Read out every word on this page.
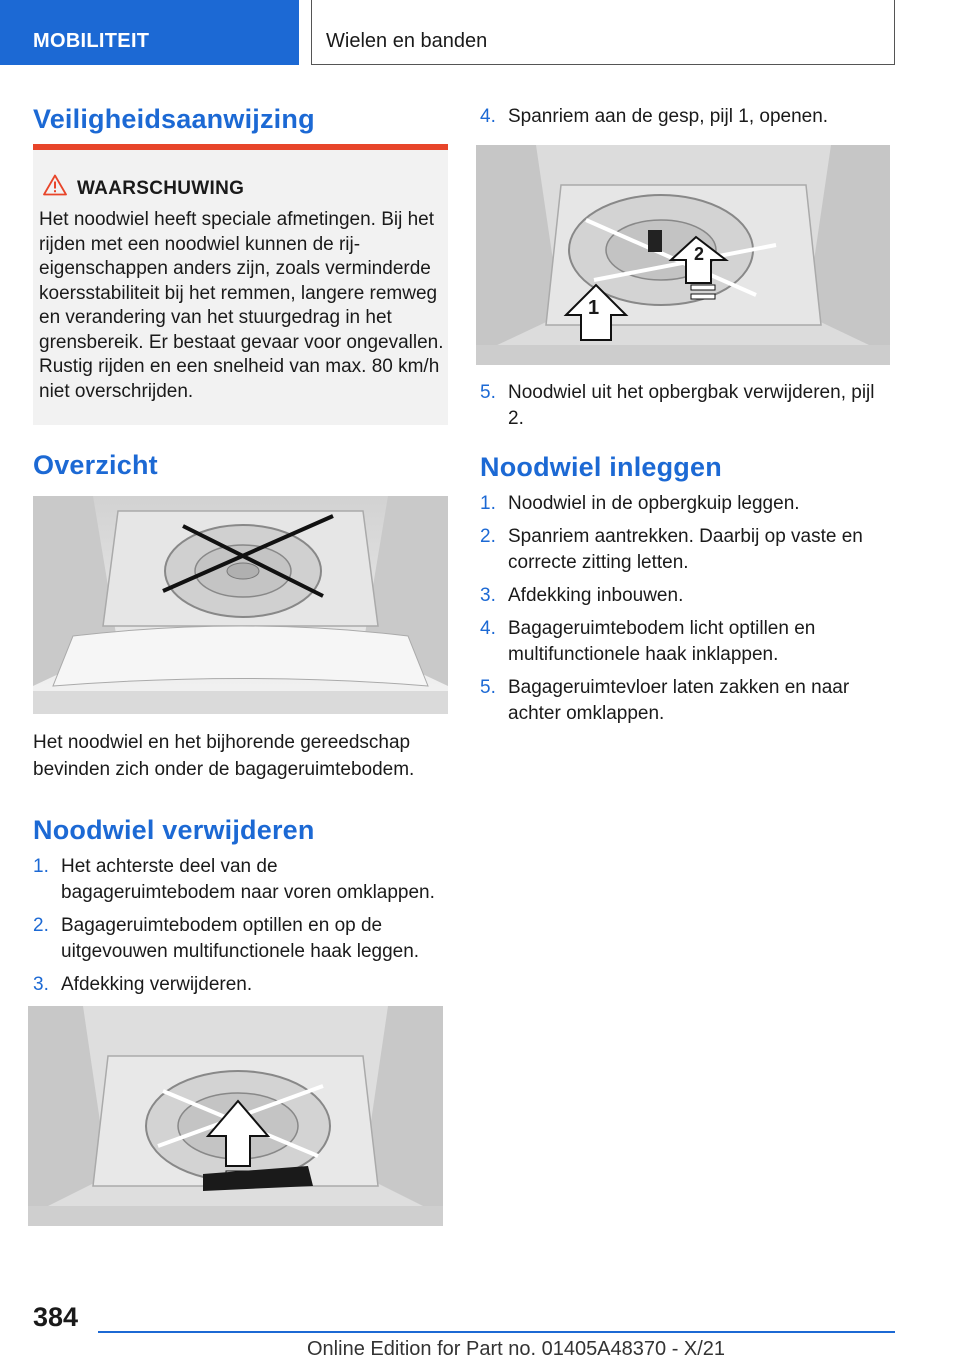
MOBILITEIT	Wielen en banden
Veiligheidsaanwijzing
WAARSCHUWING
Het noodwiel heeft speciale afmetingen. Bij het rijden met een noodwiel kunnen de rij-eigenschappen anders zijn, zoals verminderde koersstabiliteit bij het remmen, langere remweg en verandering van het stuurgedrag in het grensbereik. Er bestaat gevaar voor ongevallen. Rustig rijden en een snelheid van max. 80 km/h niet overschrijden.
Overzicht
Het noodwiel en het bijhorende gereedschap bevinden zich onder de bagageruimtebodem.
Noodwiel verwijderen
1. Het achterste deel van de bagageruimtebodem naar voren omklappen.
2. Bagageruimtebodem optillen en op de uitgevouwen multifunctionele haak leggen.
3. Afdekking verwijderen.
4. Spanriem aan de gesp, pijl 1, openen.
1
2
5. Noodwiel uit het opbergbak verwijderen, pijl 2.
Noodwiel inleggen
1. Noodwiel in de opbergkuip leggen.
2. Spanriem aantrekken. Daarbij op vaste en correcte zitting letten.
3. Afdekking inbouwen.
4. Bagageruimtebodem licht optillen en multifunctionele haak inklappen.
5. Bagageruimtevloer laten zakken en naar achter omklappen.
384
Online Edition for Part no. 01405A48370 - X/21
